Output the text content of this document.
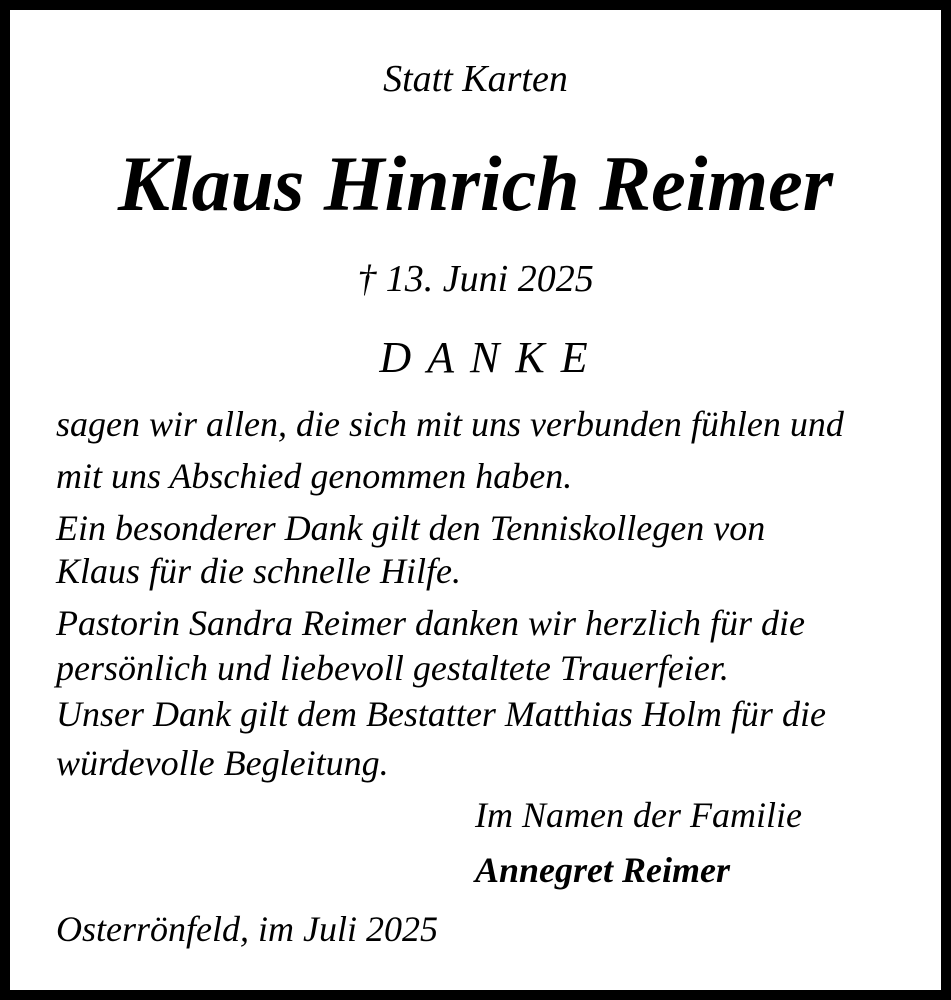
Statt Karten

Klaus Hinrich Reimer

† 13. Juni 2025

DANKE

sagen wir allen, die sich mit uns verbunden fühlen und

mit uns Abschied genommen haben.

Ein besonderer Dank gilt den Tenniskollegen von

Klaus für die schnelle Hilfe.

Pastorin Sandra Reimer danken wir herzlich für die

persönlich und liebevoll gestaltete Trauerfeier.

Unser Dank gilt dem Bestatter Matthias Holm für die

würdevolle Begleitung.

Im Namen der Familie

Annegret Reimer

Osterrönfeld, im Juli 2025
